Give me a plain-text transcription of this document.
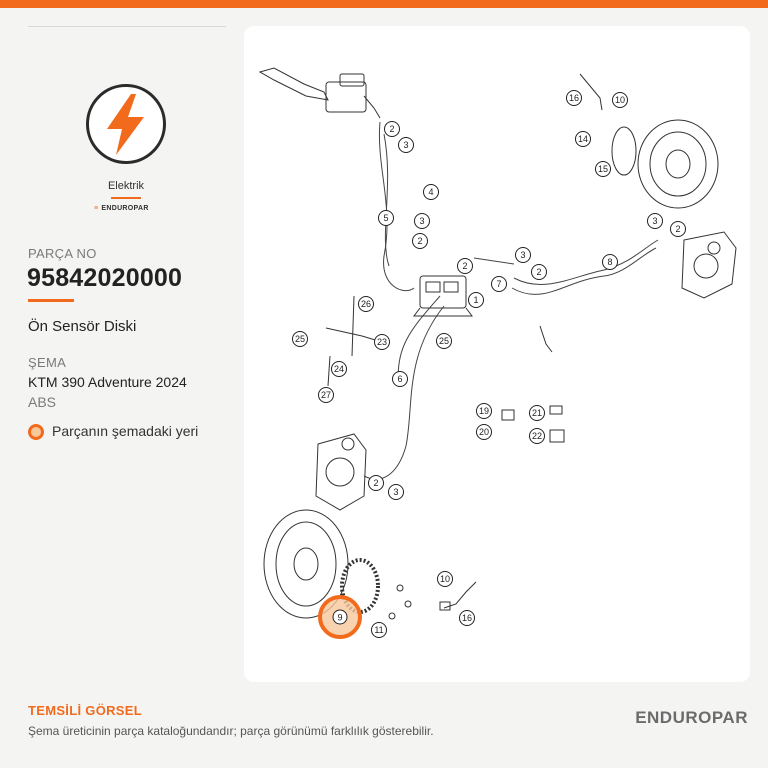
Elektrik
≡ ENDUROPAR
PARÇA NO
95842020000
Ön Sensör Diski
ŞEMA
KTM 390 Adventure 2024
ABS
Parçanın şemadaki yeri
2
3
16	10
14
15
4
5	3
2
3
2
3
2
2	8
7
1
26
25	23	25
24
6
27
19	21
20	22
2
3
10
16
11
9
TEMSİLİ GÖRSEL
Şema üreticinin parça kataloğundandır; parça görünümü farklılık gösterebilir.
ENDUROPAR
